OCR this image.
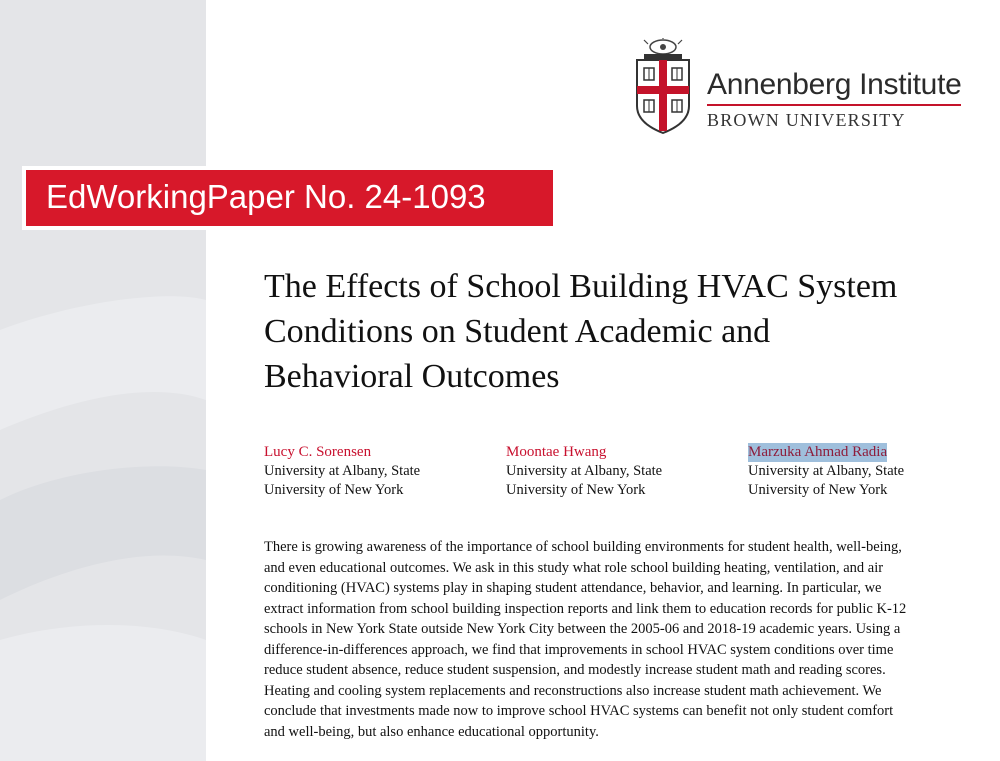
Annenberg Institute
BROWN UNIVERSITY
EdWorkingPaper No. 24-1093
The Effects of School Building HVAC System
Conditions on Student Academic and
Behavioral Outcomes
Lucy C. Sorensen
University at Albany, State
University of New York
Moontae Hwang
University at Albany, State
University of New York
Marzuka Ahmad Radia
University at Albany, State
University of New York
There is growing awareness of the importance of school building environments for student health, well-being,
and even educational outcomes. We ask in this study what role school building heating, ventilation, and air
conditioning (HVAC) systems play in shaping student attendance, behavior, and learning. In particular, we
extract information from school building inspection reports and link them to education records for public K-12
schools in New York State outside New York City between the 2005-06 and 2018-19 academic years. Using a
difference-in-differences approach, we find that improvements in school HVAC system conditions over time
reduce student absence, reduce student suspension, and modestly increase student math and reading scores.
Heating and cooling system replacements and reconstructions also increase student math achievement. We
conclude that investments made now to improve school HVAC systems can benefit not only student comfort
and well-being, but also enhance educational opportunity.
